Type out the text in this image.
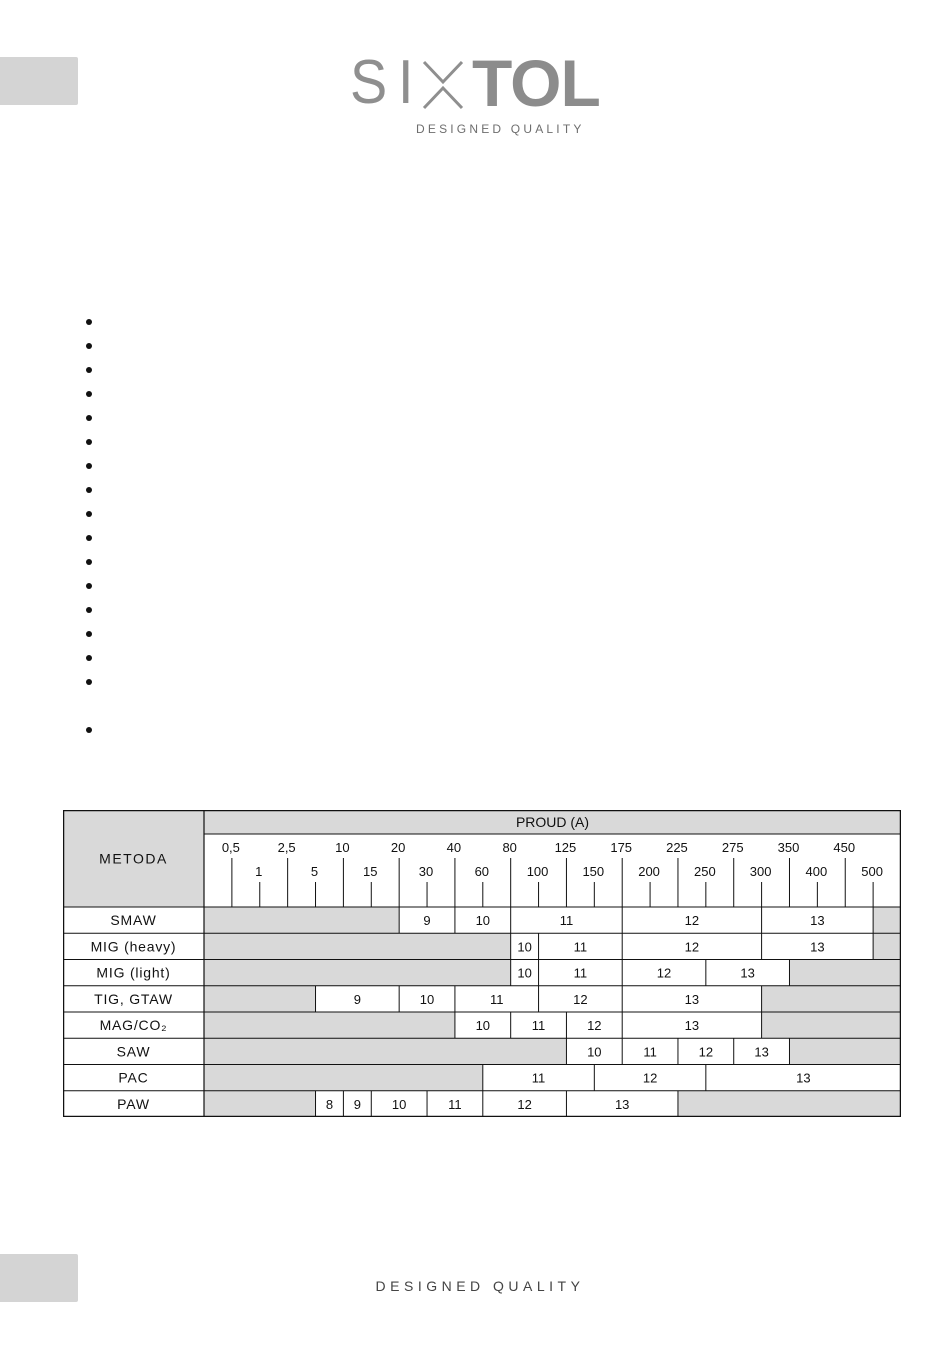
SI TOL
DESIGNED QUALITY
METODA
PROUD (A)
0,5
1
2,5
5
10
15
20
30
40
60
80
100
125
150
175
200
225
250
275
300
350
400
450
500
SMAW	9	10	11	12	13
MIG (heavy)	10	11	12	13
MIG (light)	10	11	12	13
TIG, GTAW	9	10	11	12	13
MAG/CO₂	10	11	12	13
SAW	10	11	12	13
PAC	11	12	13
PAW	8 9 10	11	12	13
DESIGNED QUALITY
